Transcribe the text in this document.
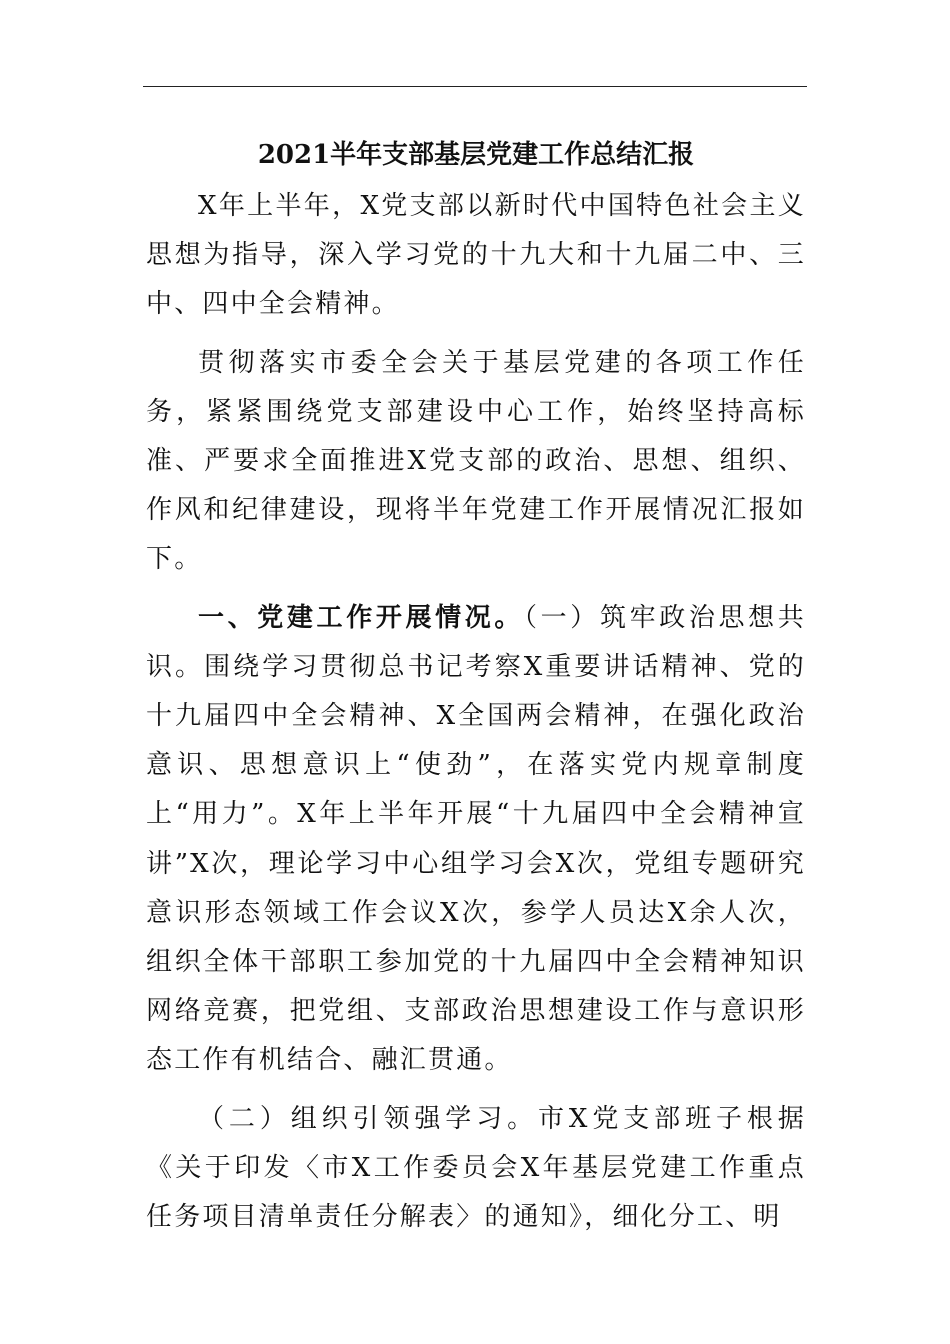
2021半年支部基层党建工作总结汇报

X年上半年，X党支部以新时代中国特色社会主义思想为指导，深入学习党的十九大和十九届二中、三中、四中全会精神。

贯彻落实市委全会关于基层党建的各项工作任务，紧紧围绕党支部建设中心工作，始终坚持高标准、严要求全面推进X党支部的政治、思想、组织、作风和纪律建设，现将半年党建工作开展情况汇报如下。

一、党建工作开展情况。（一）筑牢政治思想共识。围绕学习贯彻总书记考察X重要讲话精神、党的十九届四中全会精神、X全国两会精神，在强化政治意识、思想意识上“使劲”，在落实党内规章制度上“用力”。X年上半年开展“十九届四中全会精神宣讲”X次，理论学习中心组学习会X次，党组专题研究意识形态领域工作会议X次，参学人员达X余人次，组织全体干部职工参加党的十九届四中全会精神知识网络竞赛，把党组、支部政治思想建设工作与意识形态工作有机结合、融汇贯通。

（二）组织引领强学习。市X党支部班子根据《关于印发〈市X工作委员会X年基层党建工作重点任务项目清单责任分解表〉的通知》，细化分工、明
